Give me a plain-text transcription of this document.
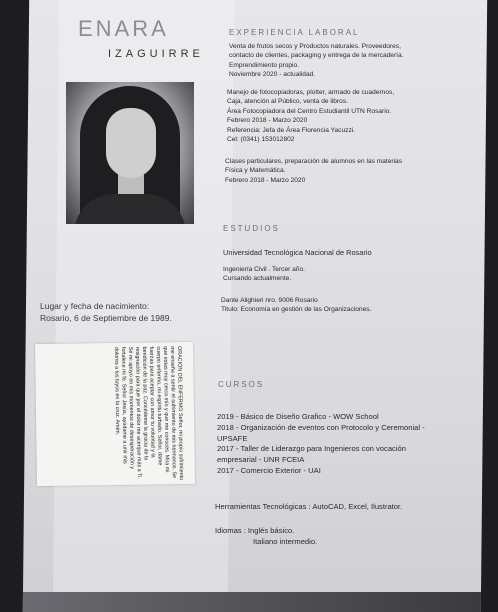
ENARA
IZAGUIRRE
Lugar y fecha de nacimiento:
Rosario, 6 de Septiembre de 1989.
ORACIÓN DEL ENFERMO Señor, mi propio sufrimiento me enseña a sentir el sufrimiento de mis hermanos. Se que estas muy cerca mío y que me conoces. Mira mi cuerpo enfermo, mi espíritu turbado. Señor, dame fuerzas para aceptar con amor tu voluntad y la bendición de la paz. Concédeme la gracia de la resignación para que por el dolor me acerque más a Ti. Sé mi apoyo en mis momentos de desesperación y fortalece mi fe. Señor Jesús, ayúdame a unir mis dolores a los tuyos en la cruz. Amén.
EXPERIENCIA LABORAL
Venta de frutos secos y Productos naturales. Proveedores,
contacto de clientes, packaging y entrega de la mercadería.
Emprendimiento propio.
Noviembre 2020 - actualidad.
Manejo de fotocopiadoras, plotter, armado de cuadernos,
Caja, atención al Público, venta de libros.
Área Fotocopiadora del Centro Estudiantil UTN Rosario.
Febrero 2018 - Marzo 2020
Referencia: Jefa de Área Florencia Yacuzzi.
Cel: (0341) 153012802
Clases particulares, preparación de alumnos en las materias
Física y Matemática.
Febrero 2018 - Marzo 2020
ESTUDIOS
Universidad Tecnológica Nacional de Rosario
Ingeniería Civil . Tercer año.
Cursando actualmente.
Dante Alighieri nro. 9006 Rosario
Titulo: Economía en gestión de las Organizaciones.
CURSOS
2019 - Básico de Diseño Grafico - WOW School
2018 - Organización de eventos con Protocolo y Ceremonial -
UPSAFE
2017 - Taller de Liderazgo para Ingenieros con vocación
empresarial - UNR FCEIA
2017 - Comercio Exterior - UAI
Herramientas Tecnológicas : AutoCAD, Excel, Ilustrator.
Idiomas : Inglés básico.
Italiano intermedio.
